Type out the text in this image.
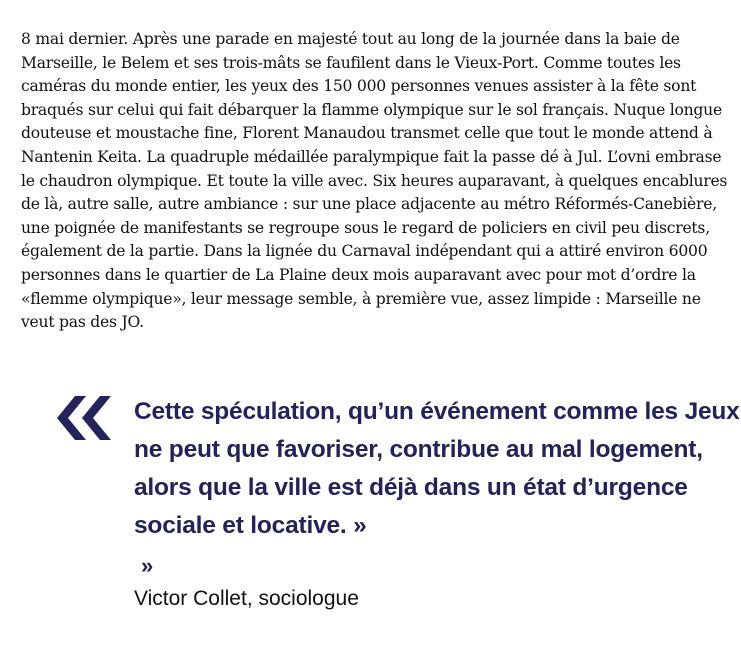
8 mai dernier. Après une parade en majesté tout au long de la journée dans la baie de Marseille, le Belem et ses trois-mâts se faufilent dans le Vieux-Port. Comme toutes les caméras du monde entier, les yeux des 150 000 personnes venues assister à la fête sont braqués sur celui qui fait débarquer la flamme olympique sur le sol français. Nuque longue douteuse et moustache fine, Florent Manaudou transmet celle que tout le monde attend à Nantenin Keita. La quadruple médaillée paralympique fait la passe dé à Jul. L’ovni embrase le chaudron olympique. Et toute la ville avec. Six heures auparavant, à quelques encablures de là, autre salle, autre ambiance : sur une place adjacente au métro Réformés-Canebière, une poignée de manifestants se regroupe sous le regard de policiers en civil peu discrets, également de la partie. Dans la lignée du Carnaval indépendant qui a attiré environ 6000 personnes dans le quartier de La Plaine deux mois auparavant avec pour mot d’ordre la «flemme olympique», leur message semble, à première vue, assez limpide : Marseille ne veut pas des JO.

Cette spéculation, qu’un événement comme les Jeux ne peut que favoriser, contribue au mal logement, alors que la ville est déjà dans un état d’urgence sociale et locative. »

»
Victor Collet, sociologue
